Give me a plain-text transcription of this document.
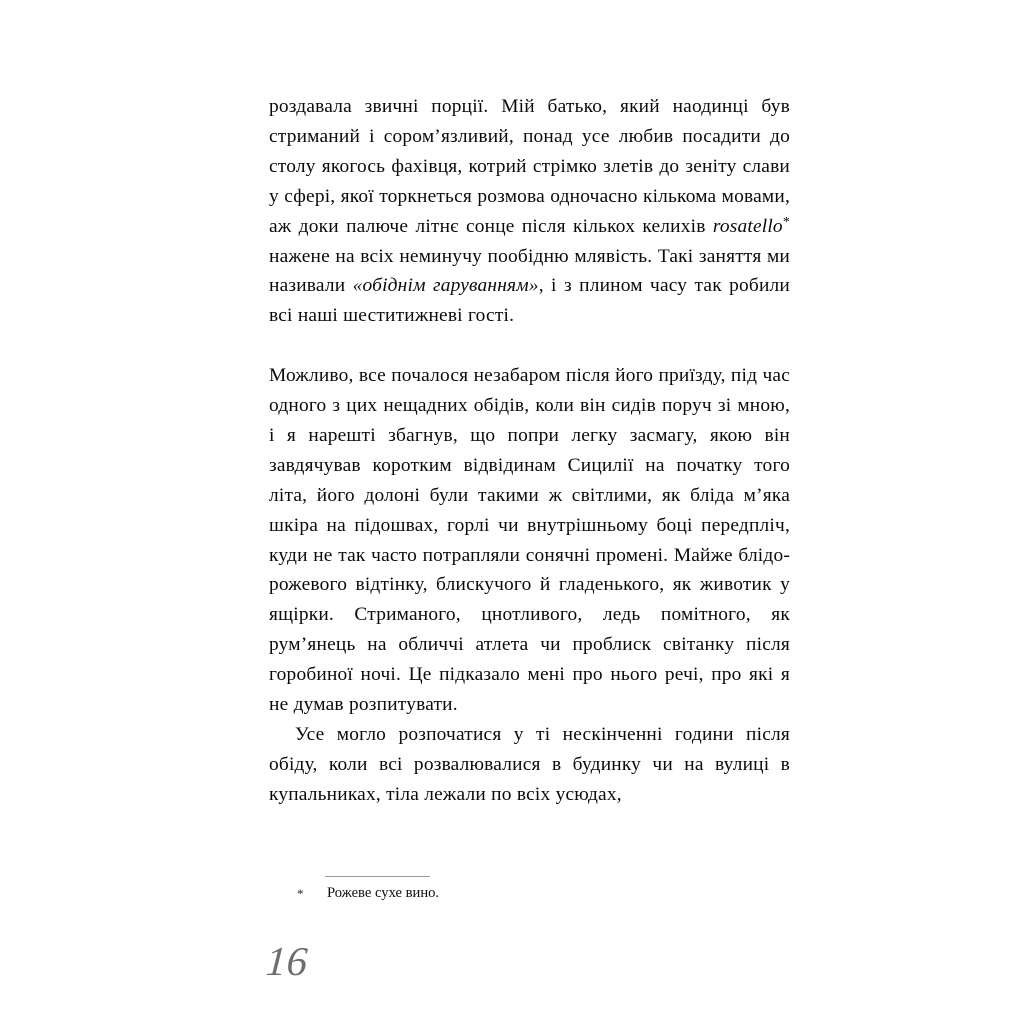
роздавала звичні порції. Мій батько, який наодинці був стриманий і сором’язливий, понад усе любив посадити до столу якогось фахівця, котрий стрімко злетів до зеніту слави у сфері, якої торкнеться розмова одночасно кількома мовами, аж доки палюче літнє сонце після кількох келихів rosatello* нажене на всіх неминучу пообідню млявість. Такі заняття ми називали «обіднім гаруванням», і з плином часу так робили всі наші шеститижневі гості.

Можливо, все почалося незабаром після його приїзду, під час одного з цих нещадних обідів, коли він сидів поруч зі мною, і я нарешті збагнув, що попри легку засмагу, якою він завдячував коротким відвідинам Сицилії на початку того літа, його долоні були такими ж світлими, як бліда м’яка шкіра на підошвах, горлі чи внутрішньому боці передпліч, куди не так часто потрапляли сонячні промені. Майже блідо-рожевого відтінку, блискучого й гладенького, як животик у ящірки. Стриманого, цнотливого, ледь помітного, як рум’янець на обличчі атлета чи проблиск світанку після горобиної ночі. Це підказало мені про нього речі, про які я не думав розпитувати.

Усе могло розпочатися у ті нескінченні години після обіду, коли всі розвалювалися в будинку чи на вулиці в купальниках, тіла лежали по всіх усюдах,

* Рожеве сухе вино.
16
